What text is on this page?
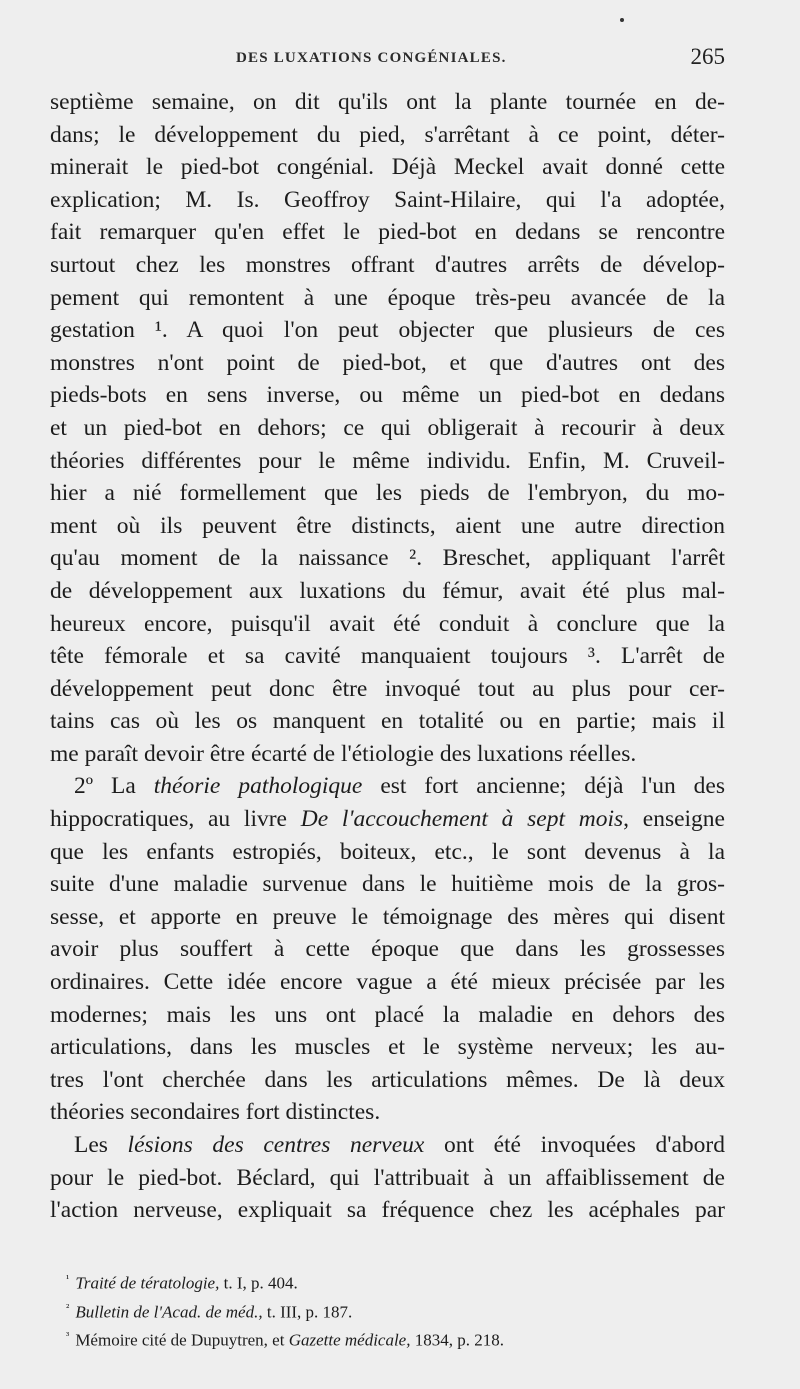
DES LUXATIONS CONGÉNIALES.	265
septième semaine, on dit qu'ils ont la plante tournée en de-
dans; le développement du pied, s'arrêtant à ce point, déter-
minerait le pied-bot congénial. Déjà Meckel avait donné cette
explication; M. Is. Geoffroy Saint-Hilaire, qui l'a adoptée,
fait remarquer qu'en effet le pied-bot en dedans se rencontre
surtout chez les monstres offrant d'autres arrêts de dévelop-
pement qui remontent à une époque très-peu avancée de la
gestation ¹. A quoi l'on peut objecter que plusieurs de ces
monstres n'ont point de pied-bot, et que d'autres ont des
pieds-bots en sens inverse, ou même un pied-bot en dedans
et un pied-bot en dehors; ce qui obligerait à recourir à deux
théories différentes pour le même individu. Enfin, M. Cruveil-
hier a nié formellement que les pieds de l'embryon, du mo-
ment où ils peuvent être distincts, aient une autre direction
qu'au moment de la naissance ². Breschet, appliquant l'arrêt
de développement aux luxations du fémur, avait été plus mal-
heureux encore, puisqu'il avait été conduit à conclure que la
tête fémorale et sa cavité manquaient toujours ³. L'arrêt de
développement peut donc être invoqué tout au plus pour cer-
tains cas où les os manquent en totalité ou en partie; mais il
me paraît devoir être écarté de l'étiologie des luxations réelles.
2º La théorie pathologique est fort ancienne; déjà l'un des
hippocratiques, au livre De l'accouchement à sept mois, enseigne
que les enfants estropiés, boiteux, etc., le sont devenus à la
suite d'une maladie survenue dans le huitième mois de la gros-
sesse, et apporte en preuve le témoignage des mères qui disent
avoir plus souffert à cette époque que dans les grossesses
ordinaires. Cette idée encore vague a été mieux précisée par les
modernes; mais les uns ont placé la maladie en dehors des
articulations, dans les muscles et le système nerveux; les au-
tres l'ont cherchée dans les articulations mêmes. De là deux
théories secondaires fort distinctes.
Les lésions des centres nerveux ont été invoquées d'abord
pour le pied-bot. Béclard, qui l'attribuait à un affaiblissement de
l'action nerveuse, expliquait sa fréquence chez les acéphales par
$^{^1}$ Traité de tératologie, t. I, p. 404.
$^{^2}$ Bulletin de l'Acad. de méd., t. III, p. 187.
$^{^3}$ Mémoire cité de Dupuytren, et Gazette médicale, 1834, p. 218.
